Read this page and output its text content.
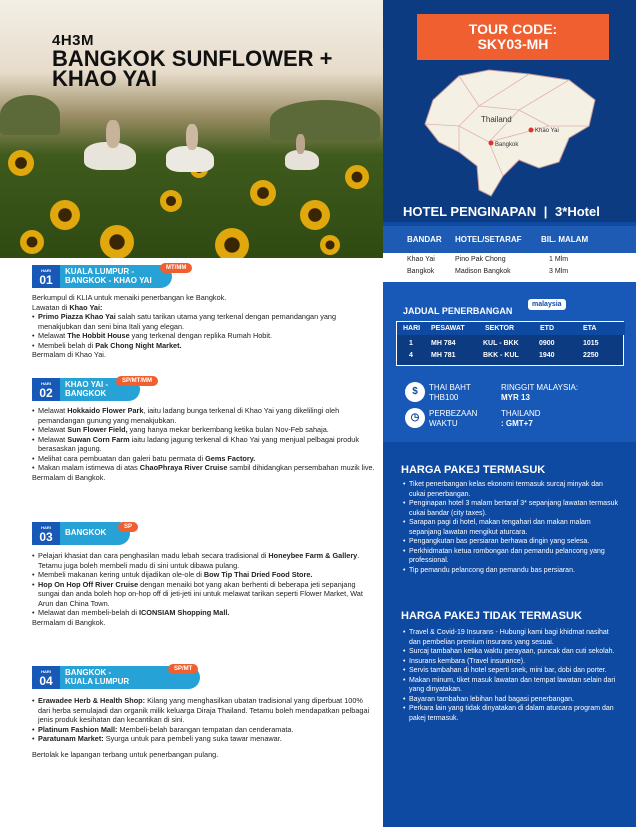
4H3M
BANGKOK SUNFLOWER + KHAO YAI
TOUR CODE:
SKY03-MH
Thailand
Khao Yai
Bangkok
HOTEL PENGINAPAN | 3*Hotel
BANDAR HOTEL/SETARAF BIL. MALAM
Khao Yai	Pino Pak Chong	1 Mlm
Bangkok	Madison Bangkok	3 Mlm
JADUAL PENERBANGAN
malaysia
HARI PESAWAT	SEKTOR	ETD	ETA
1	MH 784	KUL - BKK	0900	1015
4	MH 781	BKK - KUL	1940	2250
$	THAI BAHT
THB100
RINGGIT MALAYSIA:
MYR 13
◷	PERBEZAAN
WAKTU
THAILAND
: GMT+7
HARGA PAKEJ TERMASUK
• Tiket penerbangan kelas ekonomi termasuk surcaj minyak dan cukai penerbangan.
• Penginapan hotel 3 malam bertaraf 3* sepanjang lawatan termasuk cukai bandar (city taxes).
• Sarapan pagi di hotel, makan tengahari dan makan malam sepanjang lawatan mengikut aturcara.
• Pengangkutan bas persiaran berhawa dingin yang selesa.
• Perkhidmatan ketua rombongan dan pemandu pelancong yang professional.
• Tip pemandu pelancong dan pemandu bas persiaran.
HARGA PAKEJ TIDAK TERMASUK
• Travel & Covid-19 Insurans - Hubungi kami bagi khidmat nasihat dan pembelian premium insurans yang sesuai.
• Surcaj tambahan ketika waktu perayaan, puncak dan cuti sekolah.
• Insurans kembara (Travel insurance).
• Servis tambahan di hotel seperti snek, mini bar, dobi dan porter.
• Makan minum, tiket masuk lawatan dan tempat lawatan selain dari yang dinyatakan.
• Bayaran tambahan lebihan had bagasi penerbangan.
• Perkara lain yang tidak dinyatakan di dalam aturcara program dan pakej termasuk.
HARI
01
KUALA LUMPUR -
BANGKOK - KHAO YAI
MT/MM
Berkumpul di KLIA untuk menaiki penerbangan ke Bangkok.
Lawatan di Khao Yai:
• Primo Piazza Khao Yai salah satu tarikan utama yang terkenal dengan pemandangan yang menakjubkan dan seni bina Itali yang elegan.
• Melawat The Hobbit House yang terkenal dengan replika Rumah Hobit.
• Membeli belah di Pak Chong Night Market.
Bermalam di Khao Yai.
HARI
02
KHAO YAI -
BANGKOK
SP/MT/MM
• Melawat Hokkaido Flower Park, iaitu ladang bunga terkenal di Khao Yai yang dikelilingi oleh pemandangan gunung yang menakjubkan.
• Melawat Sun Flower Field, yang hanya mekar berkembang ketika bulan Nov-Feb sahaja.
• Melawat Suwan Corn Farm iaitu ladang jagung terkenal di Khao Yai yang menjual pelbagai produk berasaskan jagung.
• Melihat cara pembuatan dan galeri batu permata di Gems Factory.
• Makan malam istimewa di atas ChaoPhraya River Cruise sambil dihidangkan persembahan muzik live.
Bermalam di Bangkok.
HARI
03	BANGKOK
SP
• Pelajari khasiat dan cara penghasilan madu lebah secara tradisional di Honeybee Farm & Gallery. Tetamu juga boleh membeli madu di sini untuk dibawa pulang.
• Membeli makanan kering untuk dijadikan ole-ole di Bow Tip Thai Dried Food Store.
• Hop On Hop Off River Cruise dengan menaiki bot yang akan berhenti di beberapa jeti sepanjang sungai dan anda boleh hop on-hop off di jeti-jeti ini untuk melawat tarikan seperti Flower Market, Wat Arun dan China Town.
• Melawat dan membeli-belah di ICONSIAM Shopping Mall.
Bermalam di Bangkok.
HARI
04
BANGKOK -
KUALA LUMPUR
SP/MT
• Erawadee Herb & Health Shop: Kilang yang menghasilkan ubatan tradisional yang diperbuat 100% dari herba semulajadi dan organik milik keluarga Diraja Thailand. Tetamu boleh mendapatkan pelbagai jenis produk kesihatan dan kecantikan di sini.
• Platinum Fashion Mall: Membeli-belah barangan tempatan dan cenderamata.
• Paratunam Market: Syurga untuk para pembeli yang suka tawar menawar.
Bertolak ke lapangan terbang untuk penerbangan pulang.
